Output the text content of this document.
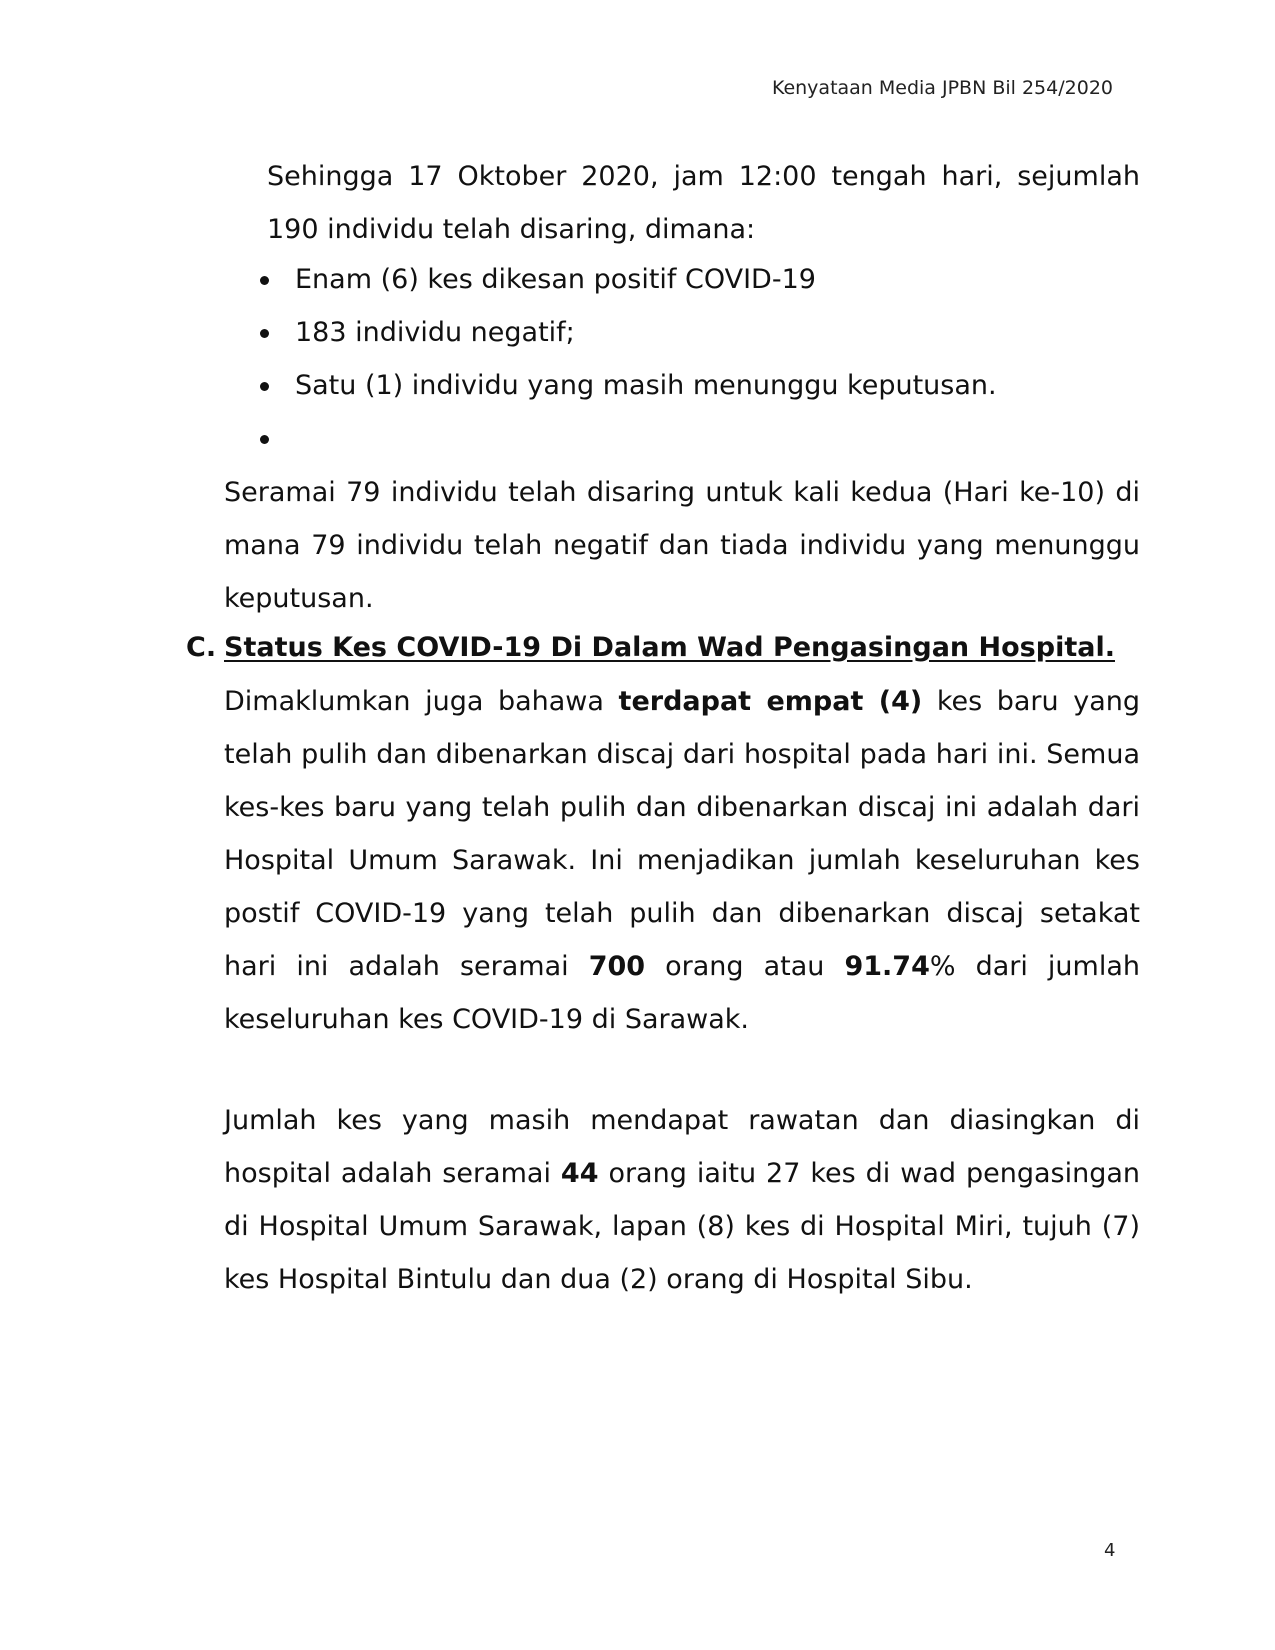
Kenyataan Media JPBN Bil 254/2020

Sehingga 17 Oktober 2020, jam 12:00 tengah hari, sejumlah 190 individu telah disaring, dimana:

Enam (6) kes dikesan positif COVID-19
183 individu negatif;
Satu (1) individu yang masih menunggu keputusan.

Seramai 79 individu telah disaring untuk kali kedua (Hari ke-10) di mana 79 individu telah negatif dan tiada individu yang menunggu keputusan.

C. Status Kes COVID-19 Di Dalam Wad Pengasingan Hospital.

Dimaklumkan juga bahawa terdapat empat (4) kes baru yang telah pulih dan dibenarkan discaj dari hospital pada hari ini. Semua kes-kes baru yang telah pulih dan dibenarkan discaj ini adalah dari Hospital Umum Sarawak. Ini menjadikan jumlah keseluruhan kes postif COVID-19 yang telah pulih dan dibenarkan discaj setakat hari ini adalah seramai 700 orang atau 91.74% dari jumlah keseluruhan kes COVID-19 di Sarawak.

Jumlah kes yang masih mendapat rawatan dan diasingkan di hospital adalah seramai 44 orang iaitu 27 kes di wad pengasingan di Hospital Umum Sarawak, lapan (8) kes di Hospital Miri, tujuh (7) kes Hospital Bintulu dan dua (2) orang di Hospital Sibu.

4
